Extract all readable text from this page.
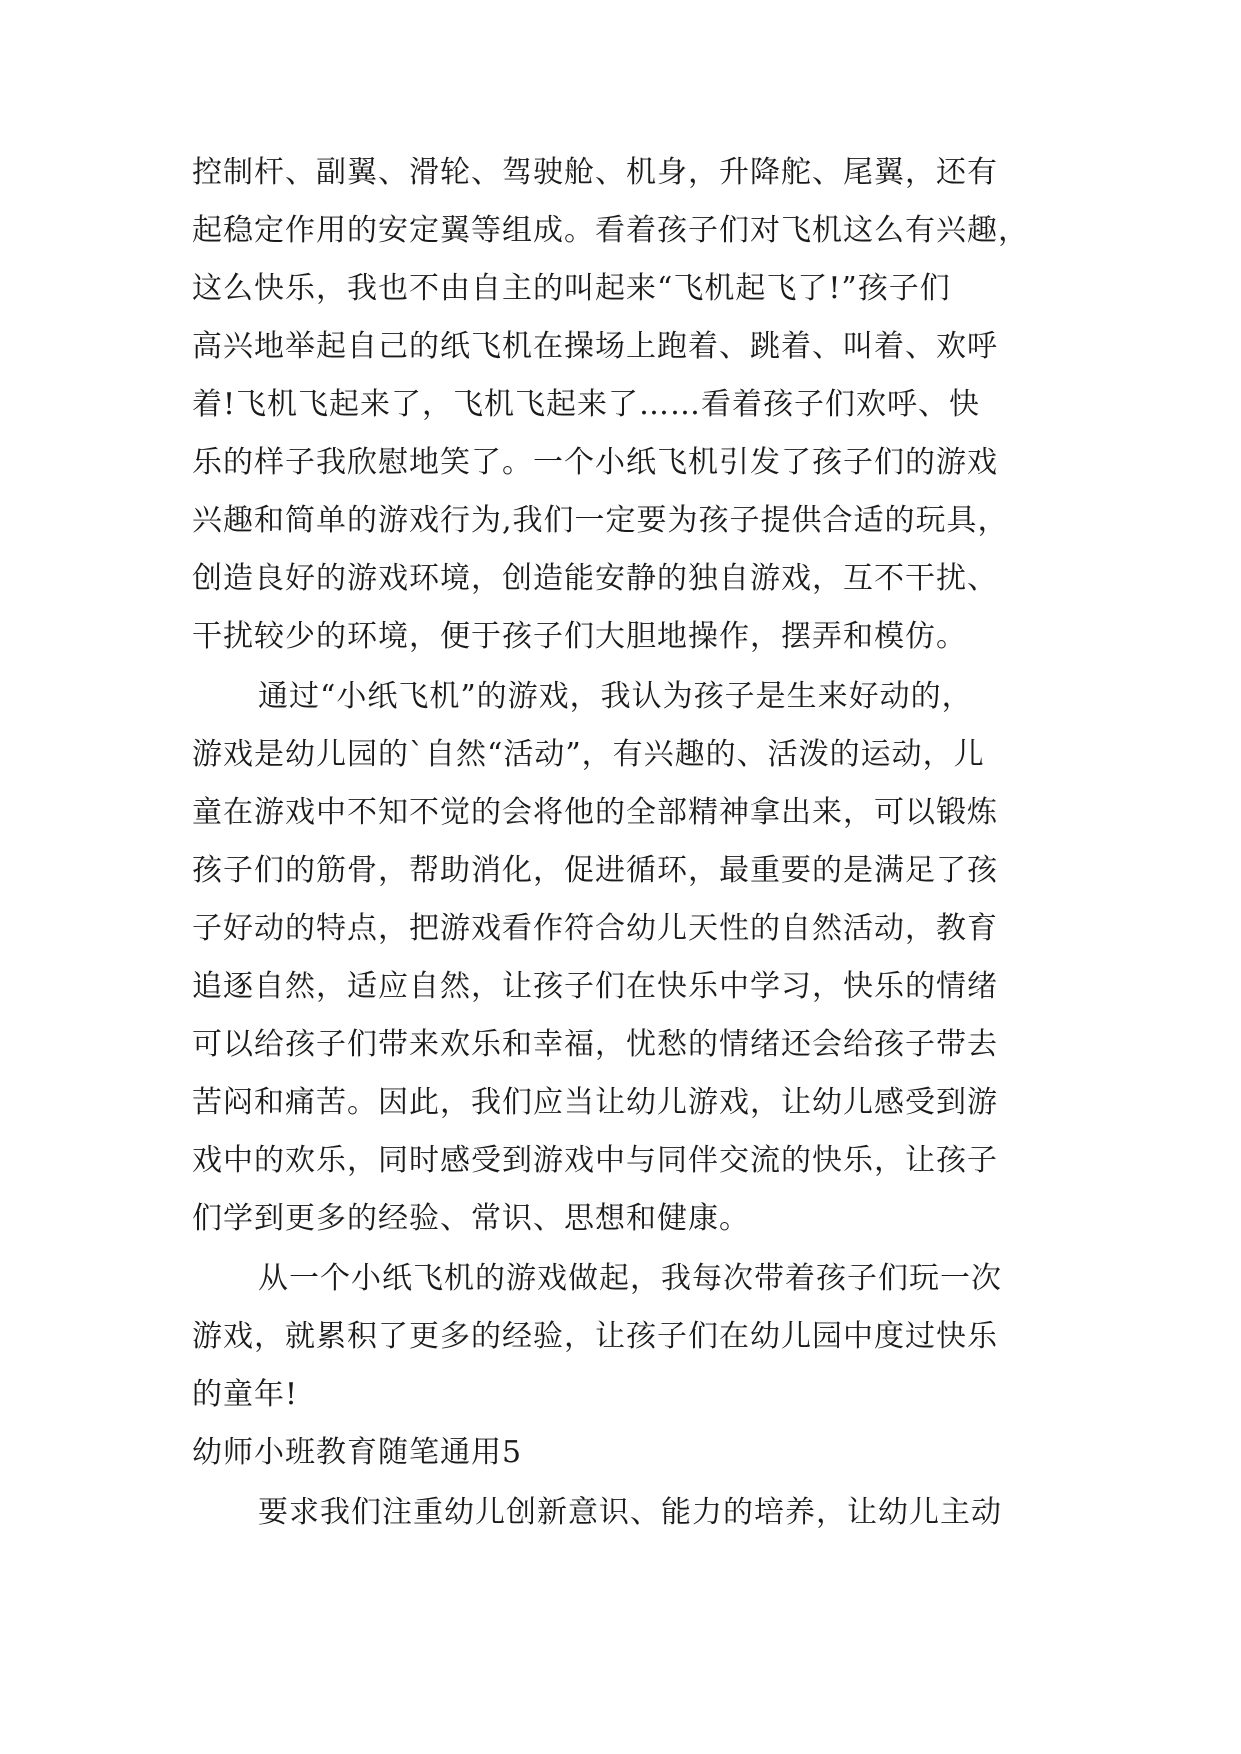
控制杆、副翼、滑轮、驾驶舱、机身，升降舵、尾翼，还有
起稳定作用的安定翼等组成。看着孩子们对飞机这么有兴趣，
这么快乐，我也不由自主的叫起来“飞机起飞了!”孩子们
高兴地举起自己的纸飞机在操场上跑着、跳着、叫着、欢呼
着!飞机飞起来了，飞机飞起来了……看着孩子们欢呼、快
乐的样子我欣慰地笑了。一个小纸飞机引发了孩子们的游戏
兴趣和简单的游戏行为,我们一定要为孩子提供合适的玩具，
创造良好的游戏环境，创造能安静的独自游戏，互不干扰、
干扰较少的环境，便于孩子们大胆地操作，摆弄和模仿。
通过“小纸飞机”的游戏，我认为孩子是生来好动的，
游戏是幼儿园的`自然“活动”，有兴趣的、活泼的运动，儿
童在游戏中不知不觉的会将他的全部精神拿出来，可以锻炼
孩子们的筋骨，帮助消化，促进循环，最重要的是满足了孩
子好动的特点，把游戏看作符合幼儿天性的自然活动，教育
追逐自然，适应自然，让孩子们在快乐中学习，快乐的情绪
可以给孩子们带来欢乐和幸福，忧愁的情绪还会给孩子带去
苦闷和痛苦。因此，我们应当让幼儿游戏，让幼儿感受到游
戏中的欢乐，同时感受到游戏中与同伴交流的快乐，让孩子
们学到更多的经验、常识、思想和健康。
从一个小纸飞机的游戏做起，我每次带着孩子们玩一次
游戏，就累积了更多的经验，让孩子们在幼儿园中度过快乐
的童年!
幼师小班教育随笔通用5
要求我们注重幼儿创新意识、能力的培养，让幼儿主动
